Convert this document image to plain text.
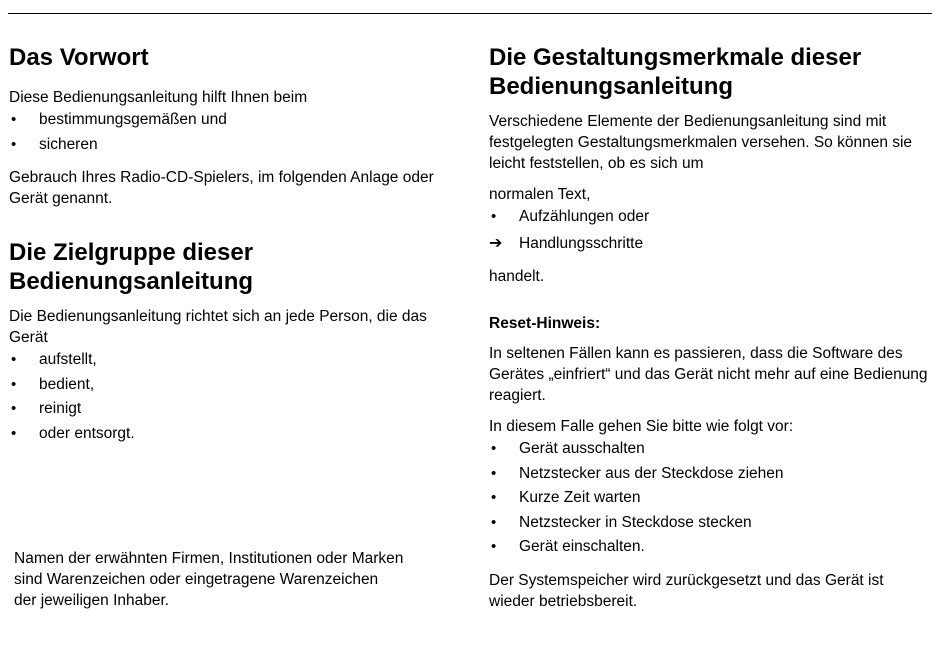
Das Vorwort

Diese Bedienungsanleitung hilft Ihnen beim

• bestimmungsgemäßen und
• sicheren

Gebrauch Ihres Radio-CD-Spielers, im folgenden Anlage oder Gerät genannt.

Die Zielgruppe dieser Bedienungsanleitung

Die Bedienungsanleitung richtet sich an jede Person, die das Gerät

• aufstellt,
• bedient,
• reinigt
• oder entsorgt.

Namen der erwähnten Firmen, Institutionen oder Marken sind Warenzeichen oder eingetragene Warenzeichen der jeweiligen Inhaber.

Die Gestaltungsmerkmale dieser Bedienungsanleitung

Verschiedene Elemente der Bedienungsanleitung sind mit festgelegten Gestaltungsmerkmalen versehen. So können sie leicht feststellen, ob es sich um

normalen Text,

• Aufzählungen oder
➔ Handlungsschritte

handelt.

Reset-Hinweis:

In seltenen Fällen kann es passieren, dass die Software des Gerätes „einfriert“ und das Gerät nicht mehr auf eine Bedienung reagiert.

In diesem Falle gehen Sie bitte wie folgt vor:

• Gerät ausschalten
• Netzstecker aus der Steckdose ziehen
• Kurze Zeit warten
• Netzstecker in Steckdose stecken
• Gerät einschalten.

Der Systemspeicher wird zurückgesetzt und das Gerät ist wieder betriebsbereit.
